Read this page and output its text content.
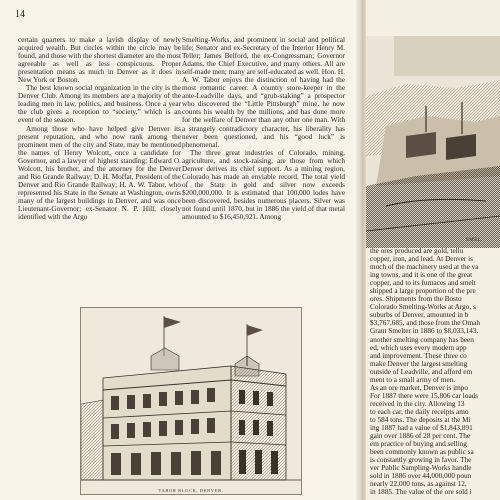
14

certain quarters to make a lavish display of newly acquired wealth. But circles within the circle may be found, and those with the shortest diameter are the most agreeable as well as less conspicuous. Proper presentation means as much in Denver as it does in New York or Boston.

The best known social organization in the city is the Denver Club. Among its members are a majority of the leading men in law, politics, and business. Once a year the club gives a reception to “society,” which is an event of the season.

Among those who have helped give Denver its present reputation, and who now rank among the prominent men of the city and State, may be mentioned the names of Henry Wolcott, once a candidate for Governor, and a lawyer of highest standing; Edward O. Wolcott, his brother, and the attorney for the Denver and Rio Grande Railway; D. H. Moffat, President of the Denver and Rio Grande Railway; H. A. W. Tabor, who represented his State in the Senate at Washington, owns many of the largest buildings in Denver, and was once Lieutenant-Governor; ex-Senator N. P. Hill, closely identified with the Argo

Smelting-Works, and prominent in social and political life; Senator and ex-Secretary of the Interior Henry M. Teller; James Belford, the ex-Congressman; Governor Adams, the Chief Executive, and many others. All are self-made men; many are self-educated as well. Hon. H. A. W. Tabor enjoys the distinction of having had the most romantic career. A country store-keeper in the ante-Leadville days, and “grub-staking” a prospector who discovered the “Little Pittsburgh” mine, he now counts his wealth by the millions, and has done more for the welfare of Denver than any other one man. With a strangely contradictory character, his liberality has never been questioned, and his “good luck” is phenomenal.

The three great industries of Colorado, mining, agriculture, and stock-raising, are those from which Denver derives its chief support. As a mining region, Colorado has made an enviable record. The total yield of the State in gold and silver now exceeds $200,000,000. It is estimated that 100,000 lodes have been discovered, besides numerous placers. Silver was not found until 1870, but in 1886 the yield of that metal amounted to $16,450,921. Among

TABOR BLOCK, DENVER.
SMEL

the ores produced are gold, tellu

copper, iron, and lead. At Denver is

much of the machinery used at the va

ing towns, and it is one of the great

copper, and to its furnaces and smelt

shipped a large proportion of the pre

ores. Shipments from the Bosto

Colorado Smelting-Works at Argo, s

suburbs of Denver, amounted in b

$3,767,685, and those from the Omah

Grant Smelter in 1886 to $8,033,143.

another smelting company has been

ed, which uses every modern app

and improvement. These three co

make Denver the largest smelting

outside of Leadville, and afford em

ment to a small army of men.

As an ore market, Denver is impo

For 1887 there were 15,806 car loads

received in the city. Allowing 13

to each car, the daily receipts amo

to 584 tons. The deposits at the Mi

ing 1887 had a value of $1,843,891

gain over 1886 of 28 per cent. The

em practice of buying and selling

been commonly known as public sa

is constantly growing in favor. The

ver Public Sampling-Works handle

sold in 1886 over 44,000,000 poun

nearly 22,000 tons, as against 12,

in 1885. The value of the ore sold i
